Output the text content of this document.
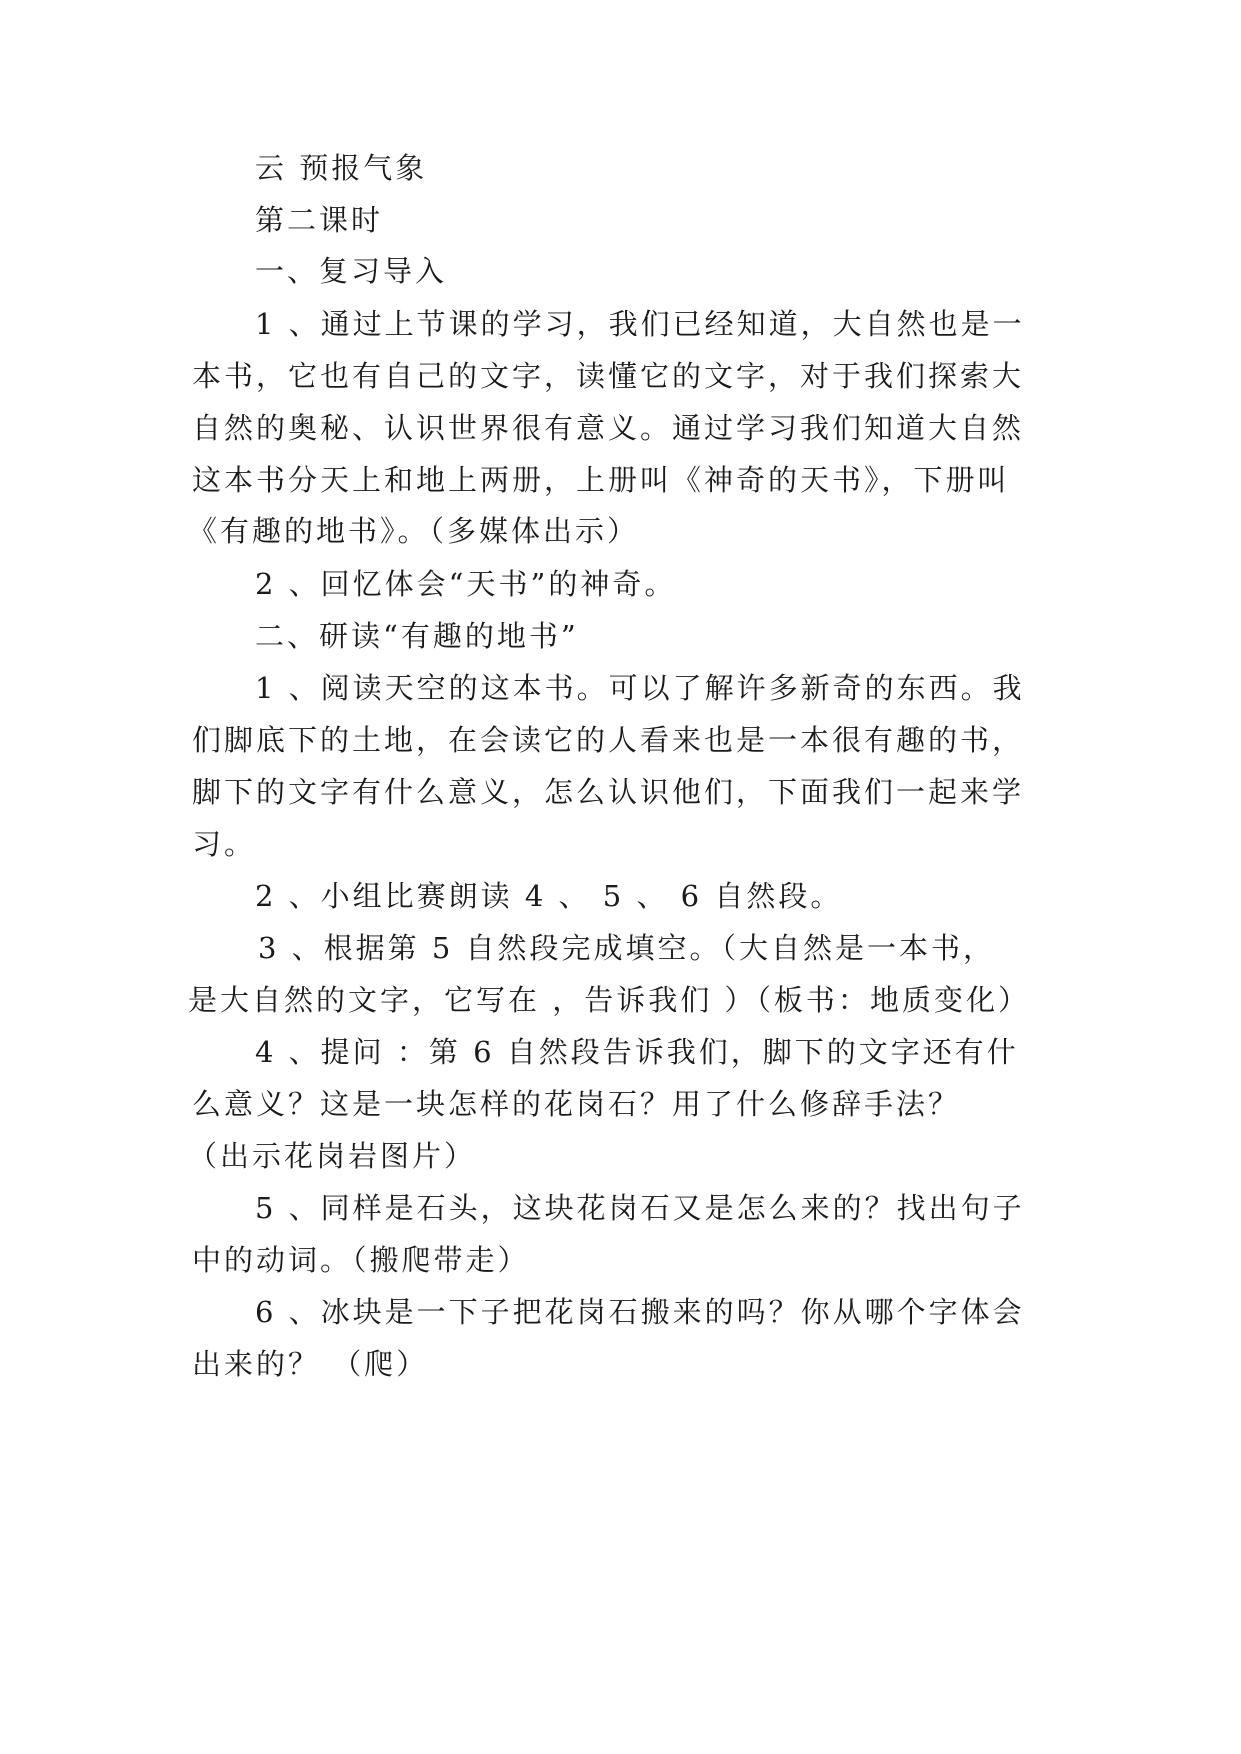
云 预报气象

第二课时

一、复习导入

1 、通过上节课的学习，我们已经知道，大自然也是一

本书，它也有自己的文字，读懂它的文字，对于我们探索大

自然的奥秘、认识世界很有意义。通过学习我们知道大自然

这本书分天上和地上两册，上册叫《神奇的天书》，下册叫

《有趣的地书》。（多媒体出示）

2 、回忆体会“天书”的神奇。

二、研读“有趣的地书”

1 、阅读天空的这本书。可以了解许多新奇的东西。我

们脚底下的土地，在会读它的人看来也是一本很有趣的书，

脚下的文字有什么意义，怎么认识他们，下面我们一起来学

习。

2 、小组比赛朗读 4 、 5 、 6 自然段。

3 、根据第 5 自然段完成填空。（大自然是一本书，

是大自然的文字，它写在 ，告诉我们 ）（板书：地质变化）

4 、提问 ：第 6 自然段告诉我们，脚下的文字还有什

么意义？这是一块怎样的花岗石？用了什么修辞手法？

（出示花岗岩图片）

5 、同样是石头，这块花岗石又是怎么来的？找出句子

中的动词。（搬爬带走）

6 、冰块是一下子把花岗石搬来的吗？你从哪个字体会

出来的？ （爬）
